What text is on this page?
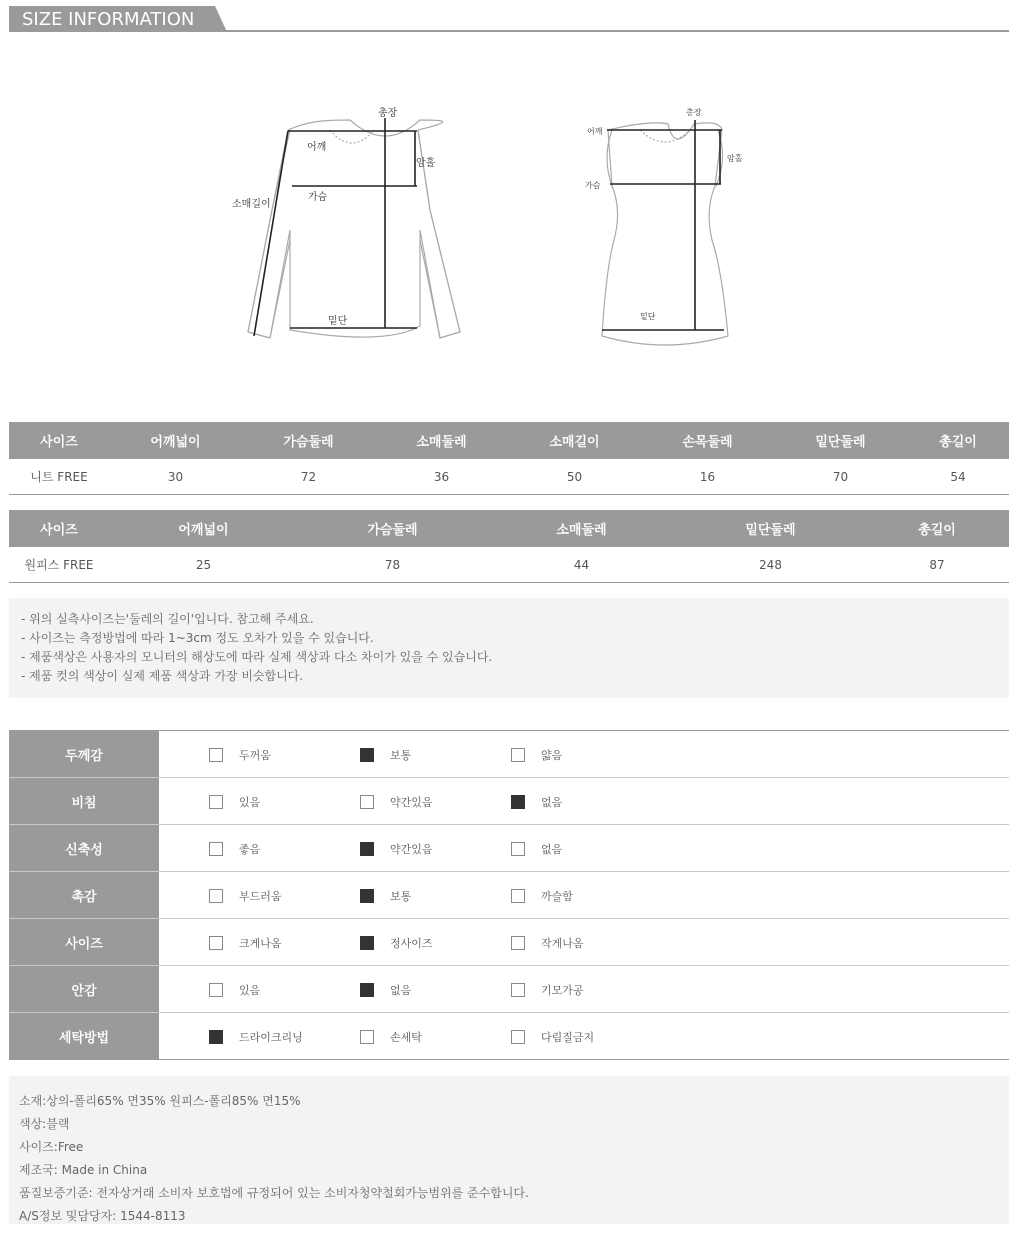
SIZE INFORMATION
총장
어깨
암홀
소매길이
가슴
밑단
총장
어깨
암홀
가슴
밑단
사이즈	어깨넓이	가슴둘레	소매둘레	소매길이	손목둘레	밑단둘레	총길이
니트 FREE	30	72	36	50	16	70	54
사이즈	어깨넓이	가슴둘레	소매둘레	밑단둘레	총길이
원피스 FREE	25	78	44	248	87
- 위의 실측사이즈는'둘레의 길이'입니다. 참고해 주세요.
- 사이즈는 측정방법에 따라 1~3cm 정도 오차가 있을 수 있습니다.
- 제품색상은 사용자의 모니터의 해상도에 따라 실제 색상과 다소 차이가 있을 수 있습니다.
- 제품 컷의 색상이 실제 제품 색상과 가장 비슷합니다.
두께감	두꺼움	보통	얇음
비침	있음	약간있음	없음
신축성	좋음	약간있음	없음
촉감	부드러움	보통	까슬함
사이즈	크게나옴	정사이즈	작게나옴
안감	있음	없음	기모가공
세탁방법	드라이크리닝	손세탁	다림질금지
소재:상의-폴리65% 면35% 원피스-폴리85% 면15%
색상:블랙
사이즈:Free
제조국: Made in China
품질보증기준: 전자상거래 소비자 보호법에 규정되어 있는 소비자청약철회가능범위를 준수합니다.
A/S정보 및담당자: 1544-8113
